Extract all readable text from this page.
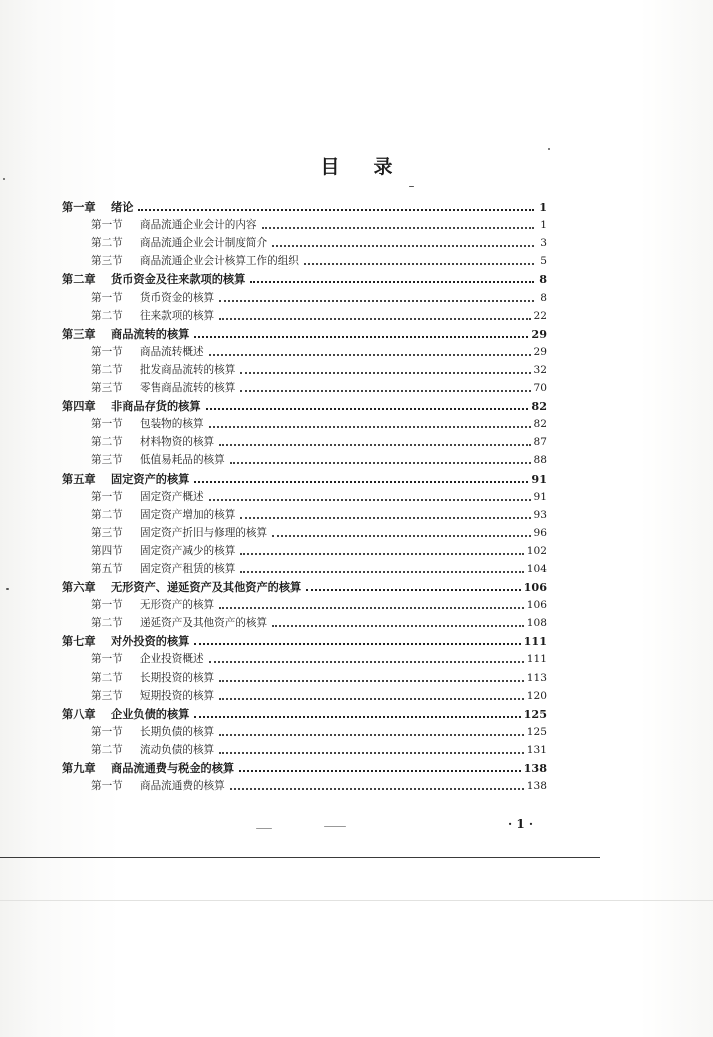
目 录
第一章	绪论	1
第一节	商品流通企业会计的内容	1
第二节	商品流通企业会计制度简介	3
第三节	商品流通企业会计核算工作的组织	5
第二章	货币资金及往来款项的核算	8
第一节	货币资金的核算	8
第二节	往来款项的核算	22
第三章	商品流转的核算	29
第一节	商品流转概述	29
第二节	批发商品流转的核算	32
第三节	零售商品流转的核算	70
第四章	非商品存货的核算	82
第一节	包装物的核算	82
第二节	材料物资的核算	87
第三节	低值易耗品的核算	88
第五章	固定资产的核算	91
第一节	固定资产概述	91
第二节	固定资产增加的核算	93
第三节	固定资产折旧与修理的核算	96
第四节	固定资产减少的核算	102
第五节	固定资产租赁的核算	104
第六章	无形资产、递延资产及其他资产的核算	106
第一节	无形资产的核算	106
第二节	递延资产及其他资产的核算	108
第七章	对外投资的核算	111
第一节	企业投资概述	111
第二节	长期投资的核算	113
第三节	短期投资的核算	120
第八章	企业负债的核算	125
第一节	长期负债的核算	125
第二节	流动负债的核算	131
第九章	商品流通费与税金的核算	138
第一节	商品流通费的核算	138
· 1 ·
